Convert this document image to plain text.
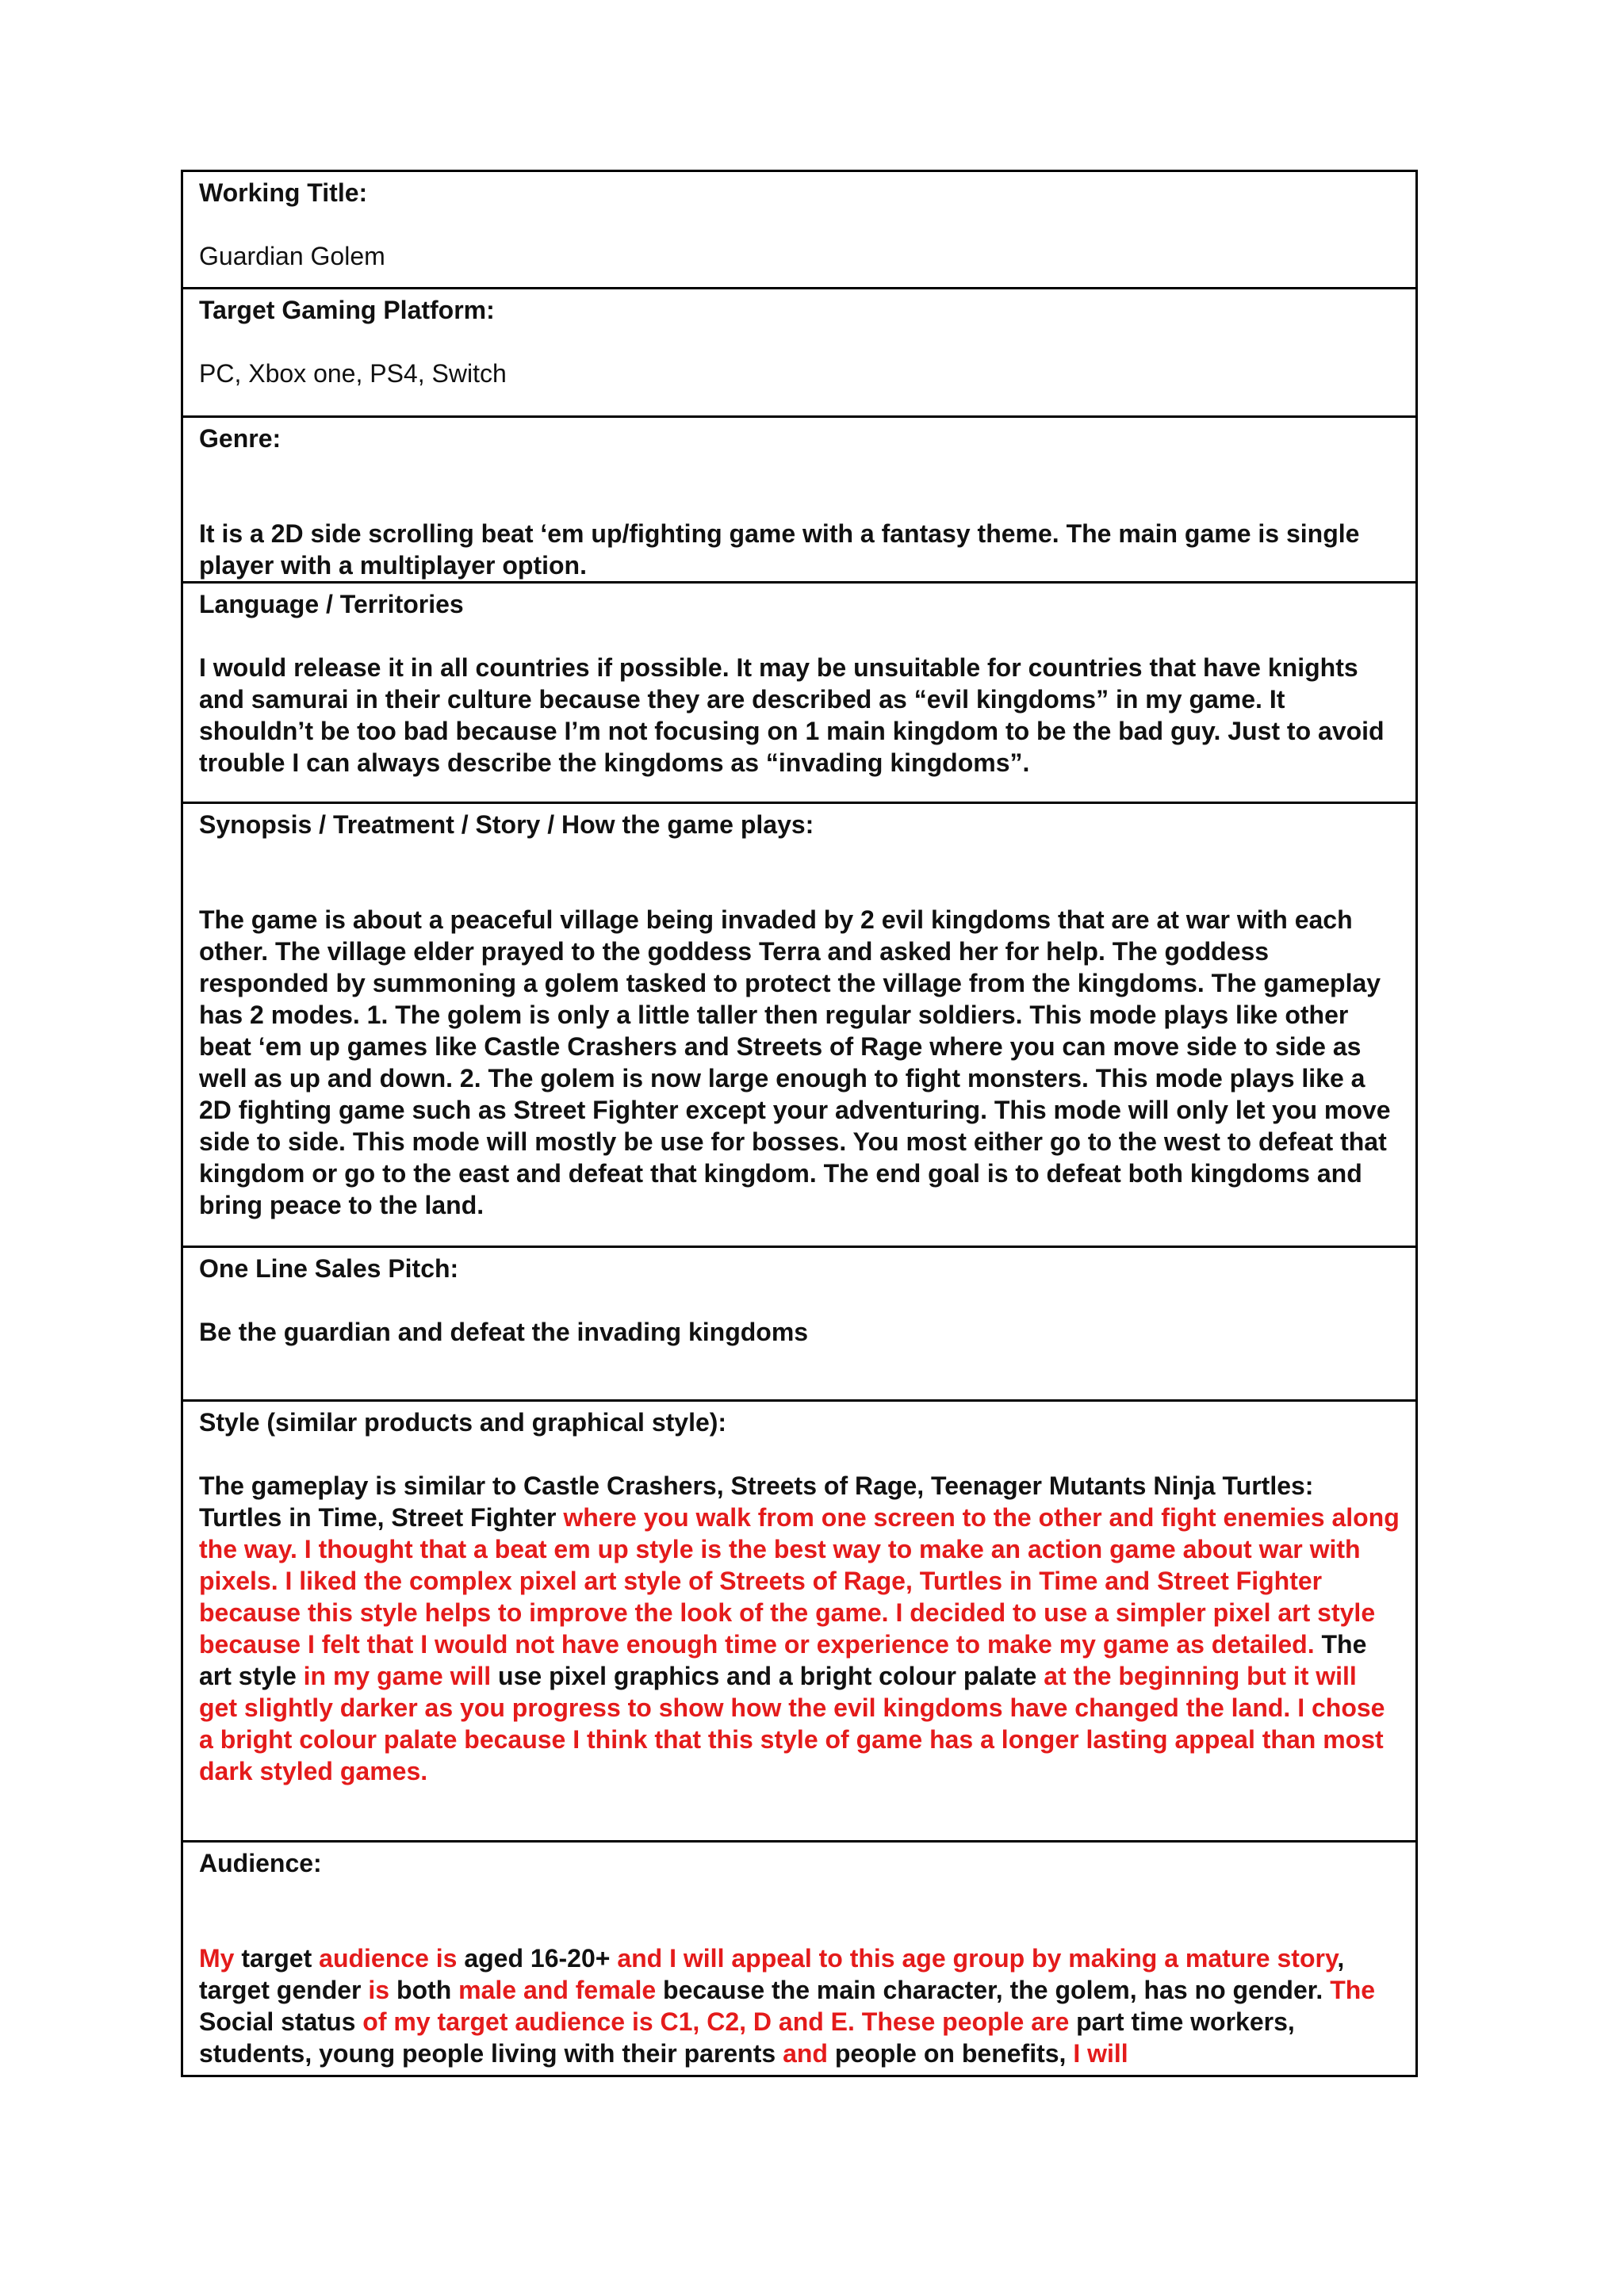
Working Title:

Guardian Golem

Target Gaming Platform:

PC, Xbox one, PS4, Switch

Genre:

It is a 2D side scrolling beat ‘em up/fighting game with a fantasy theme. The main game is single player with a multiplayer option.

Language / Territories

I would release it in all countries if possible. It may be unsuitable for countries that have knights and samurai in their culture because they are described as “evil kingdoms” in my game. It shouldn’t be too bad because I’m not focusing on 1 main kingdom to be the bad guy. Just to avoid trouble I can always describe the kingdoms as “invading kingdoms”.

Synopsis / Treatment / Story / How the game plays:

The game is about a peaceful village being invaded by 2 evil kingdoms that are at war with each other. The village elder prayed to the goddess Terra and asked her for help. The goddess responded by summoning a golem tasked to protect the village from the kingdoms. The gameplay has 2 modes. 1. The golem is only a little taller then regular soldiers. This mode plays like other beat ‘em up games like Castle Crashers and Streets of Rage where you can move side to side as well as up and down. 2. The golem is now large enough to fight monsters. This mode plays like a 2D fighting game such as Street Fighter except your adventuring. This mode will only let you move side to side. This mode will mostly be use for bosses. You most either go to the west to defeat that kingdom or go to the east and defeat that kingdom. The end goal is to defeat both kingdoms and bring peace to the land.

One Line Sales Pitch:

Be the guardian and defeat the invading kingdoms

Style (similar products and graphical style):

The gameplay is similar to Castle Crashers, Streets of Rage, Teenager Mutants Ninja Turtles: Turtles in Time, Street Fighter where you walk from one screen to the other and fight enemies along the way. I thought that a beat em up style is the best way to make an action game about war with pixels. I liked the complex pixel art style of Streets of Rage, Turtles in Time and Street Fighter because this style helps to improve the look of the game. I decided to use a simpler pixel art style because I felt that I would not have enough time or experience to make my game as detailed. The art style in my game will use pixel graphics and a bright colour palate at the beginning but it will get slightly darker as you progress to show how the evil kingdoms have changed the land. I chose a bright colour palate because I think that this style of game has a longer lasting appeal than most dark styled games.

Audience:

My target audience is aged 16-20+ and I will appeal to this age group by making a mature story, target gender is both male and female because the main character, the golem, has no gender. The Social status of my target audience is C1, C2, D and E. These people are part time workers, students, young people living with their parents and people on benefits, I will
